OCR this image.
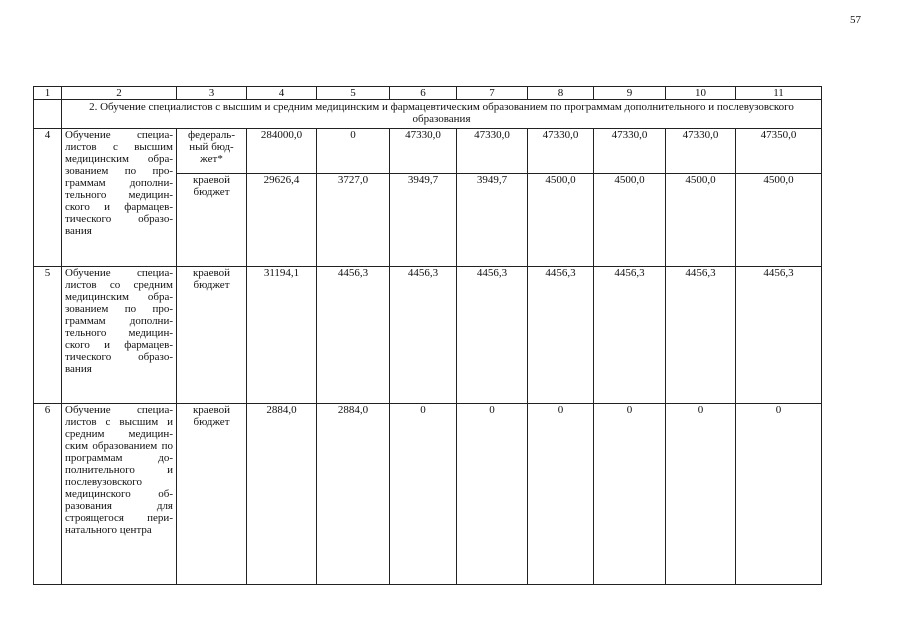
57
1	2	3	4	5	6	7	8	9	10	11
	2. Обучение специалистов с высшим и средним медицинским и фармацевтическим образованием по программам дополнительного и послевузовского образования									
4	Обучение специа-листов с высшим медицинским обра-зованием по про-граммам дополни-тельного медицин-ского и фармацев-тического образо-вания	федераль-ный бюд-жет*	284000,0	0	47330,0	47330,0	47330,0	47330,0	47330,0	47350,0
		краевой бюджет	29626,4	3727,0	3949,7	3949,7	4500,0	4500,0	4500,0	4500,0
5	Обучение специа-листов со средним медицинским обра-зованием по про-граммам дополни-тельного медицин-ского и фармацев-тического образо-вания	краевой бюджет	31194,1	4456,3	4456,3	4456,3	4456,3	4456,3	4456,3	4456,3
6	Обучение специа-листов с высшим и средним медицин-ским образованием по программам до-полнительного и послевузовского медицинского об-разования для строящегося пери-натального центра	краевой бюджет	2884,0	2884,0	0	0	0	0	0	0
